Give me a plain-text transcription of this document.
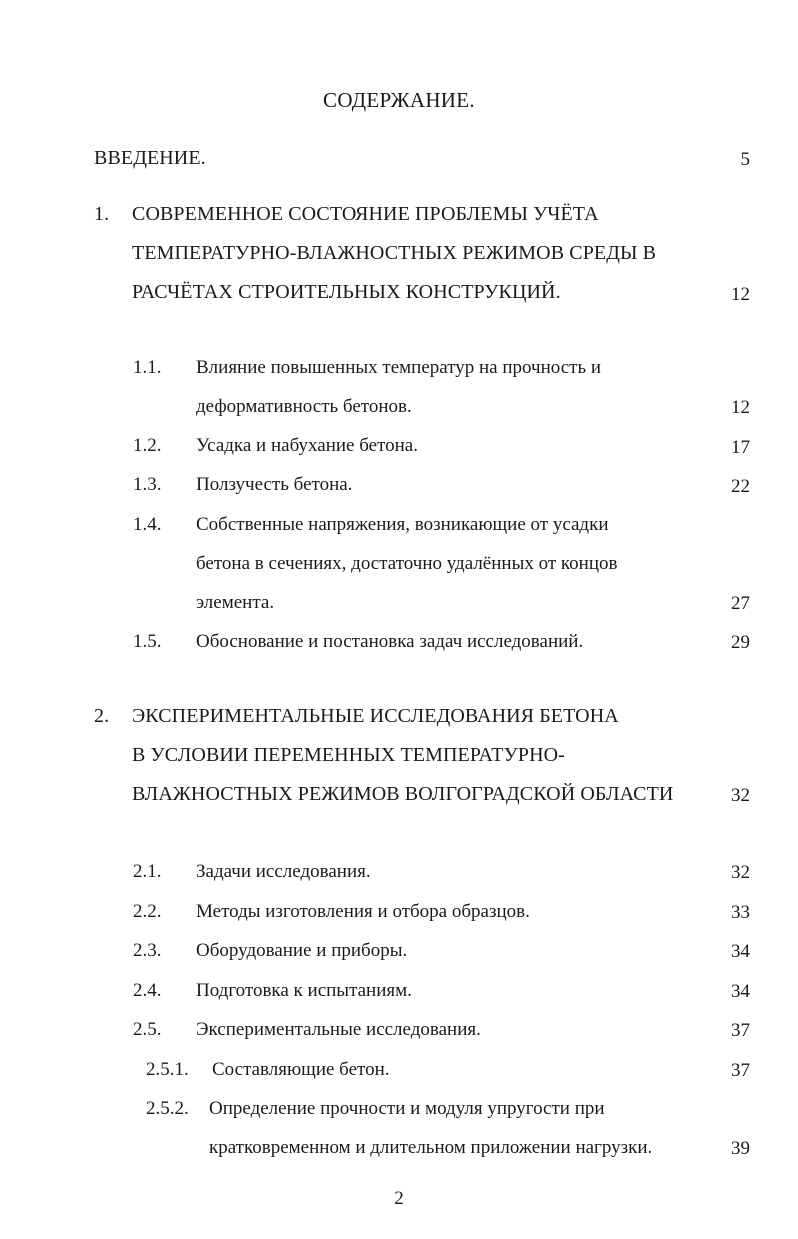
СОДЕРЖАНИЕ.
ВВЕДЕНИЕ.	5
1. СОВРЕМЕННОЕ СОСТОЯНИЕ ПРОБЛЕМЫ УЧЁТА
ТЕМПЕРАТУРНО-ВЛАЖНОСТНЫХ РЕЖИМОВ СРЕДЫ В
РАСЧЁТАХ СТРОИТЕЛЬНЫХ КОНСТРУКЦИЙ.	12
1.1. Влияние повышенных температур на прочность и
деформативность бетонов.	12
1.2. Усадка и набухание бетона.	17
1.3. Ползучесть бетона.	22
1.4. Собственные напряжения, возникающие от усадки
бетона в сечениях, достаточно удалённых от концов
элемента.	27
1.5. Обоснование и постановка задач исследований.	29
2. ЭКСПЕРИМЕНТАЛЬНЫЕ ИССЛЕДОВАНИЯ БЕТОНА
В УСЛОВИИ ПЕРЕМЕННЫХ ТЕМПЕРАТУРНО-
ВЛАЖНОСТНЫХ РЕЖИМОВ ВОЛГОГРАДСКОЙ ОБЛАСТИ	32
2.1. Задачи исследования.	32
2.2. Методы изготовления и отбора образцов.	33
2.3. Оборудование и приборы.	34
2.4. Подготовка к испытаниям.	34
2.5. Экспериментальные исследования.	37
2.5.1. Составляющие бетон.	37
2.5.2. Определение прочности и модуля упругости при
кратковременном и длительном приложении нагрузки.	39
2
